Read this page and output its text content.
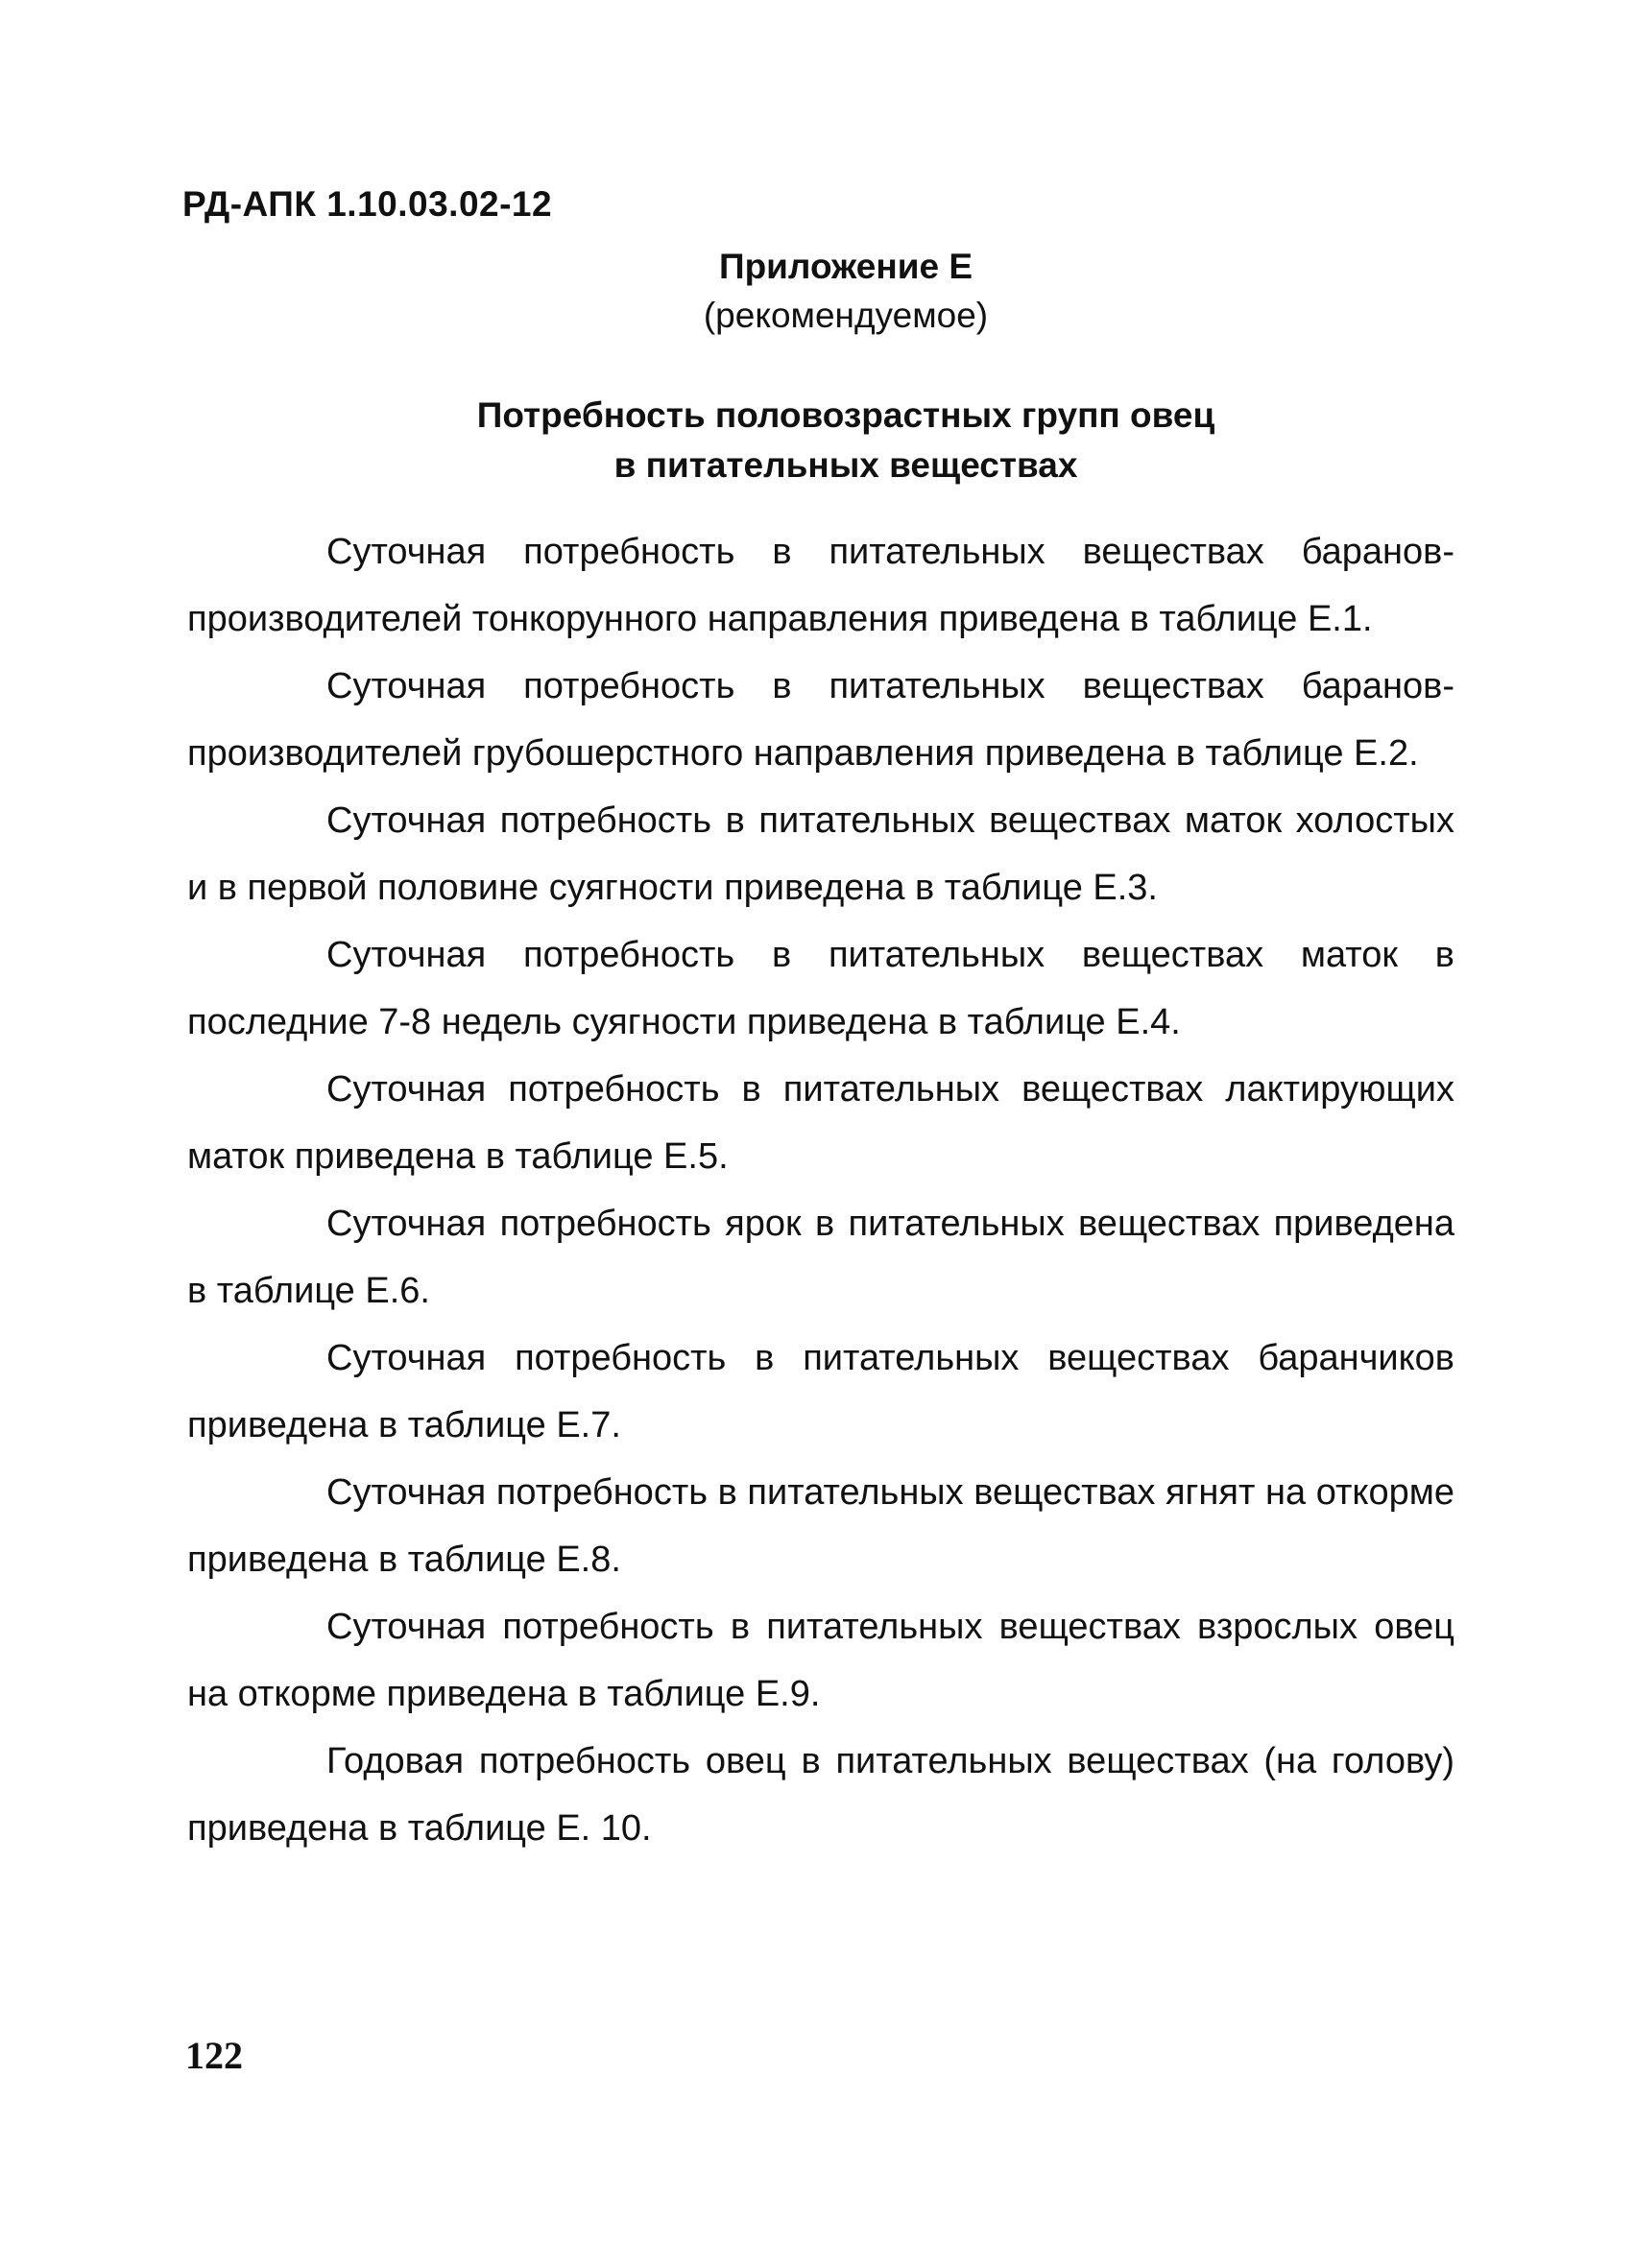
РД-АПК 1.10.03.02-12
Приложение Е
(рекомендуемое)
Потребность половозрастных групп овец
в питательных веществах

Суточная потребность в питательных веществах баранов-производителей тонкорунного направления приведена в таблице Е.1.

Суточная потребность в питательных веществах баранов-производителей грубошерстного направления приведена в таблице Е.2.

Суточная потребность в питательных веществах маток холостых и в первой половине суягности приведена в таблице Е.3.

Суточная потребность в питательных веществах маток в последние 7-8 недель суягности приведена в таблице Е.4.

Суточная потребность в питательных веществах лактирующих маток приведена в таблице Е.5.

Суточная потребность ярок в питательных веществах приведена в таблице Е.6.

Суточная потребность в питательных веществах баранчиков приведена в таблице Е.7.

Суточная потребность в питательных веществах ягнят на откорме приведена в таблице Е.8.

Суточная потребность в питательных веществах взрослых овец на откорме приведена в таблице Е.9.

Годовая потребность овец в питательных веществах (на голову) приведена в таблице Е. 10.

122
